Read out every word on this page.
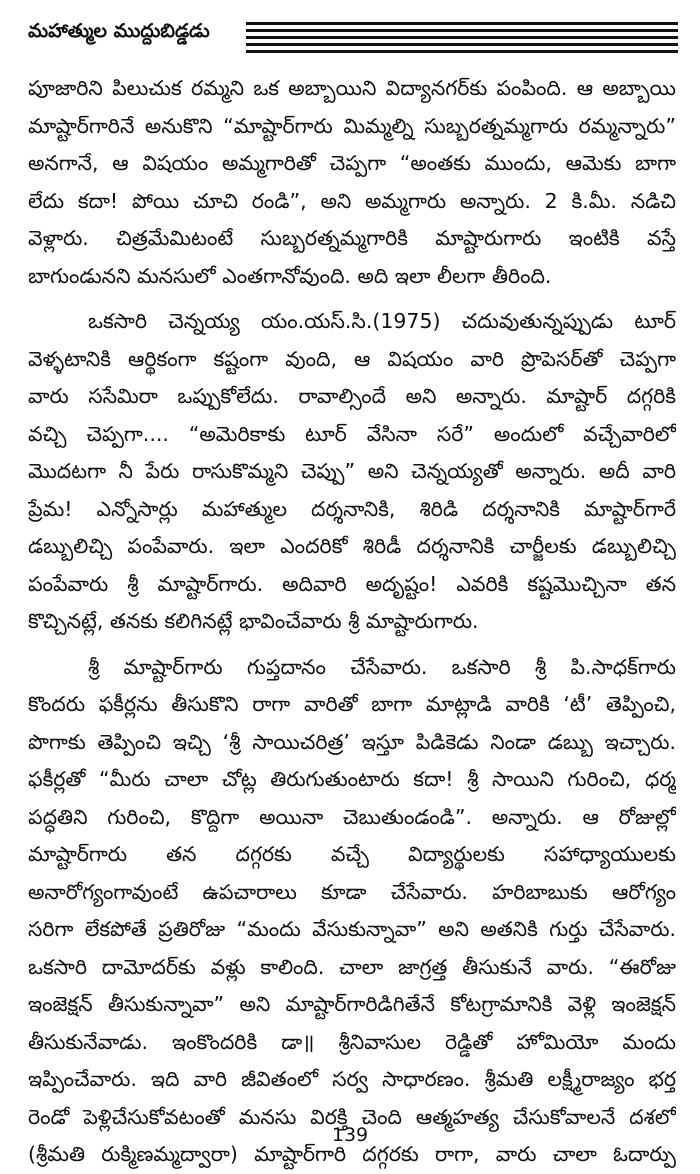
మహాత్ముల ముద్దుబిడ్డడు
పూజారిని పిలుచుక రమ్మని ఒక అబ్బాయిని విద్యానగర్‌కు పంపింది. ఆ అబ్బాయి
మాష్టార్‌గారినే అనుకొని “మాష్టార్‌గారు మిమ్మల్ని సుబ్బరత్నమ్మగారు రమ్మన్నారు”
అనగానే, ఆ విషయం అమ్మగారితో చెప్పగా “అంతకు ముందు, ఆమెకు బాగా
లేదు కదా! పోయి చూచి రండి”, అని అమ్మగారు అన్నారు. 2 కి.మీ. నడిచి
వెళ్లారు. చిత్రమేమిటంటే సుబ్బరత్నమ్మగారికి మాష్టారుగారు ఇంటికి వస్తే
బాగుండునని మనసులో ఎంతగానోవుంది. అది ఇలా లీలగా తీరింది.
ఒకసారి చెన్నయ్య యం.యస్.సి.(1975) చదువుతున్నప్పుడు టూర్
వెళ్ళటానికి ఆర్థికంగా కష్టంగా వుంది, ఆ విషయం వారి ప్రొపెసర్‌తో చెప్పగా
వారు ససేమిరా ఒప్పుకోలేదు. రావాల్సిందే అని అన్నారు. మాష్టార్ దగ్గరికి
వచ్చి చెప్పగా.... “అమెరికాకు టూర్ వేసినా సరే” అందులో వచ్చేవారిలో
మొదటగా నీ పేరు రాసుకొమ్మని చెప్పు” అని చెన్నయ్యతో అన్నారు. అదీ వారి
ప్రేమ! ఎన్నోసార్లు మహాత్ముల దర్శనానికి, శిరిడి దర్శనానికి మాష్టార్‌గారే
డబ్బులిచ్చి పంపేవారు. ఇలా ఎందరికో శిరిడీ దర్శనానికి చార్జీలకు డబ్బులిచ్చి
పంపేవారు శ్రీ మాష్టార్‌గారు. అదివారి అదృష్టం! ఎవరికి కష్టమొచ్చినా తన
కొచ్చినట్లే, తనకు కలిగినట్లే భావించేవారు శ్రీ మాష్టారుగారు.
శ్రీ మాష్టార్‌గారు గుప్తదానం చేసేవారు. ఒకసారి శ్రీ పి.సాధక్‌గారు
కొందరు ఫకీర్లను తీసుకొని రాగా వారితో బాగా మాట్లాడి వారికి ‘టీ’ తెప్పించి,
పొగాకు తెప్పించి ఇచ్చి ‘శ్రీ సాయిచరిత్ర’ ఇస్తూ పిడికెడు నిండా డబ్బు ఇచ్చారు.
ఫకీర్లతో “మీరు చాలా చోట్ల తిరుగుతుంటారు కదా! శ్రీ సాయిని గురించి, ధర్మ
పద్ధతిని గురించి, కొద్దిగా అయినా చెబుతుండండి”. అన్నారు. ఆ రోజుల్లో
మాష్టార్‌గారు తన దగ్గరకు వచ్చే విద్యార్థులకు సహాధ్యాయులకు
అనారోగ్యంగావుంటే ఉపచారాలు కూడా చేసేవారు. హరిబాబుకు ఆరోగ్యం
సరిగా లేకపోతే ప్రతిరోజు “మందు వేసుకున్నావా” అని అతనికి గుర్తు చేసేవారు.
ఒకసారి దామోదర్‌కు వళ్లు కాలింది. చాలా జాగ్రత్త తీసుకునే వారు. “ఈరోజు
ఇంజెక్షన్ తీసుకున్నావా” అని మాష్టార్‌గారిడిగితేనే కోటగ్రామానికి వెళ్లి ఇంజెక్షన్
తీసుకునేవాడు. ఇంకొందరికి డా॥ శ్రీనివాసుల రెడ్డితో హోమియో మందు
ఇప్పించేవారు. ఇది వారి జీవితంలో సర్వ సాధారణం. శ్రీమతి లక్ష్మీరాజ్యం భర్త
రెండో పెళ్లిచేసుకోవటంతో మనసు విరక్తి చెంది ఆత్మహత్య చేసుకోవాలనే దశలో
(శ్రీమతి రుక్మిణమ్మద్వారా) మాష్టార్‌గారి దగ్గరకు రాగా, వారు చాలా ఓదార్పు
139
